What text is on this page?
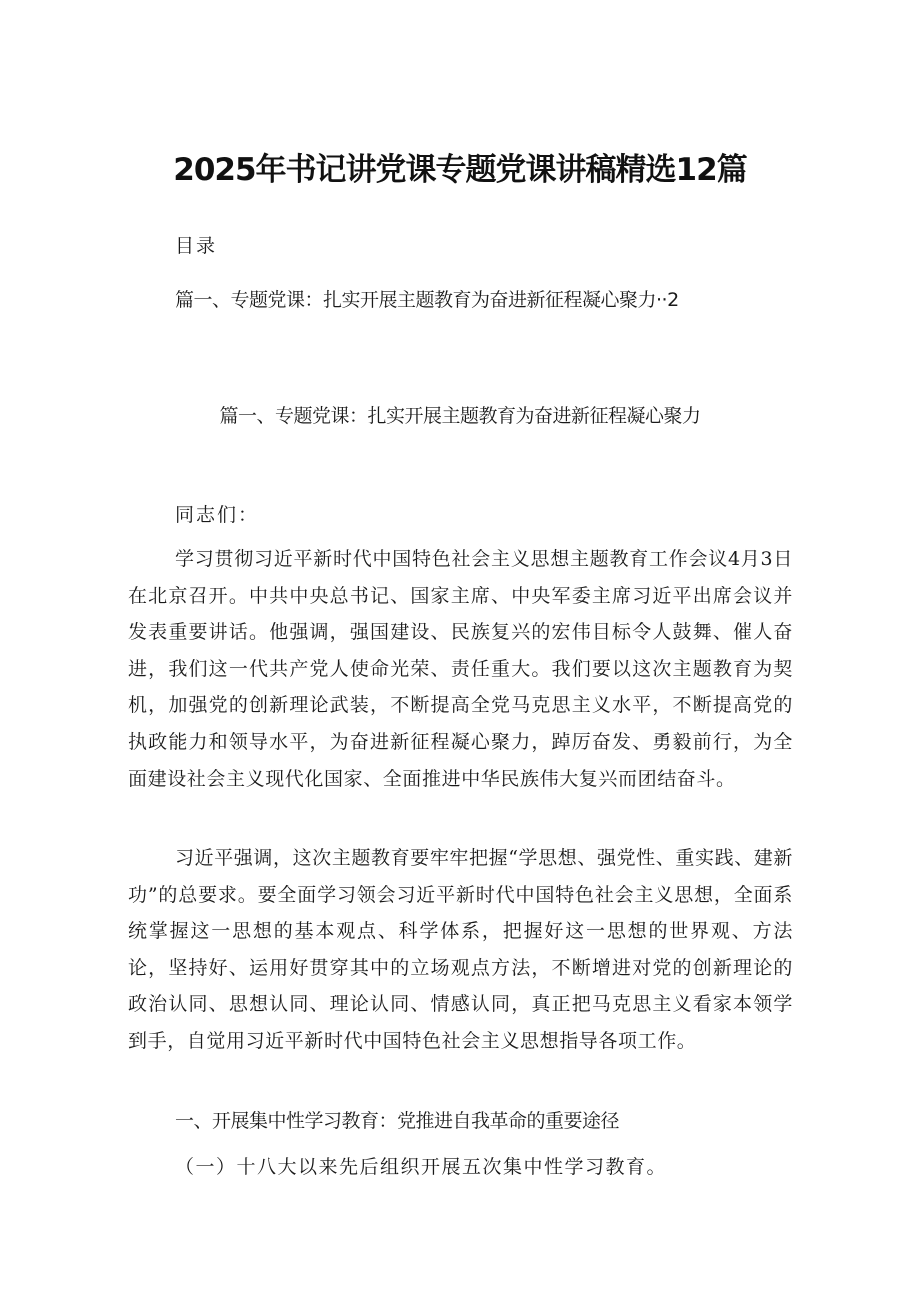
2025年书记讲党课专题党课讲稿精选12篇
目录
篇一、专题党课：扎实开展主题教育为奋进新征程凝心聚力··2
篇一、专题党课：扎实开展主题教育为奋进新征程凝心聚力
同志们：

学习贯彻习近平新时代中国特色社会主义思想主题教育工作会议4月3日在北京召开。中共中央总书记、国家主席、中央军委主席习近平出席会议并发表重要讲话。他强调，强国建设、民族复兴的宏伟目标令人鼓舞、催人奋进，我们这一代共产党人使命光荣、责任重大。我们要以这次主题教育为契机，加强党的创新理论武装，不断提高全党马克思主义水平，不断提高党的执政能力和领导水平，为奋进新征程凝心聚力，踔厉奋发、勇毅前行，为全面建设社会主义现代化国家、全面推进中华民族伟大复兴而团结奋斗。

习近平强调，这次主题教育要牢牢把握“学思想、强党性、重实践、建新功”的总要求。要全面学习领会习近平新时代中国特色社会主义思想，全面系统掌握这一思想的基本观点、科学体系，把握好这一思想的世界观、方法论，坚持好、运用好贯穿其中的立场观点方法，不断增进对党的创新理论的政治认同、思想认同、理论认同、情感认同，真正把马克思主义看家本领学到手，自觉用习近平新时代中国特色社会主义思想指导各项工作。

一、开展集中性学习教育：党推进自我革命的重要途径
（一）十八大以来先后组织开展五次集中性学习教育。
